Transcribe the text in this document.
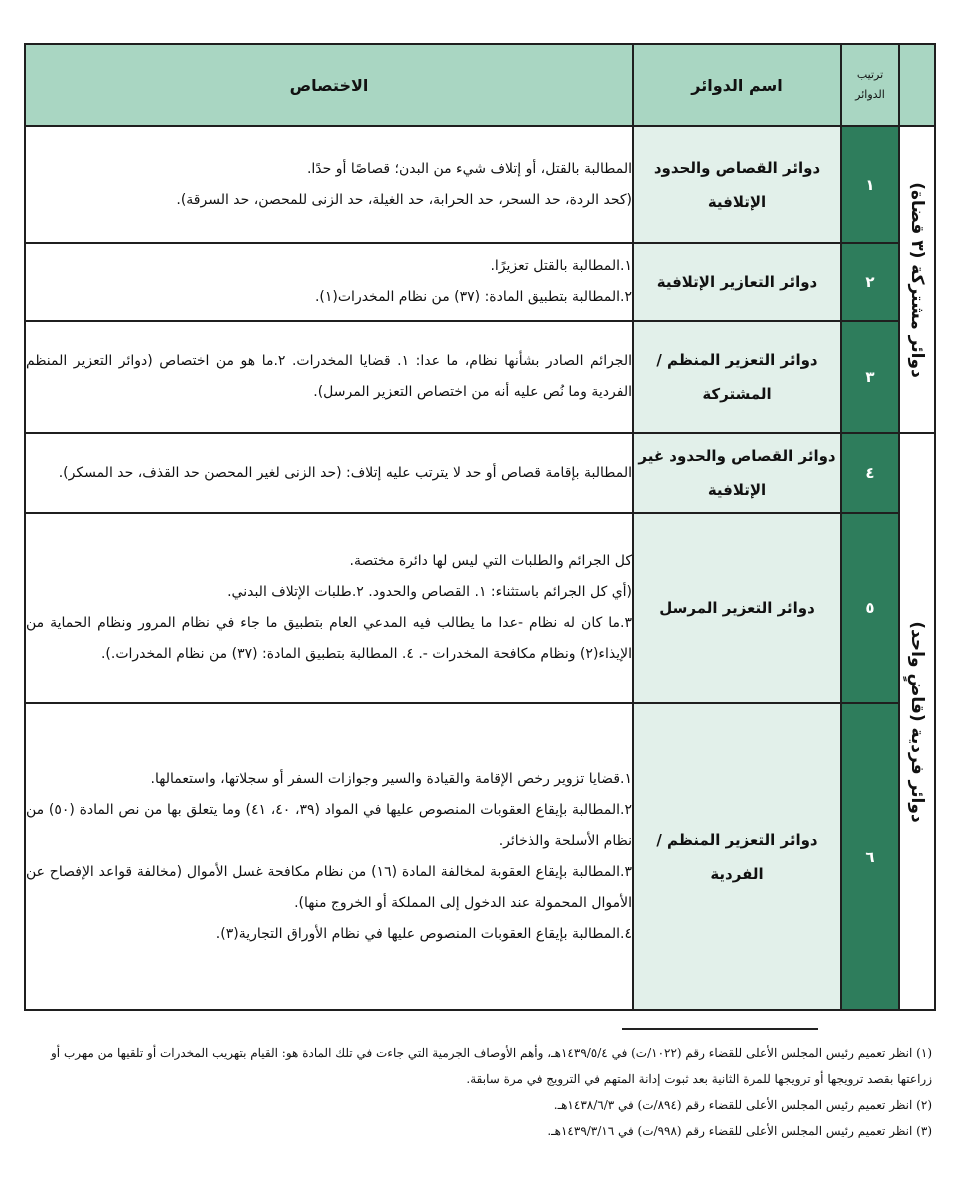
	ترتيب الدوائر	اسم الدوائر	الاختصاص

دوائر مشتركة (٣ قضاة)	١	دوائر القصاص والحدود الإتلافية	المطالبة بالقتل، أو إتلاف شيء من البدن؛ قصاصًا أو حدًا.

(كحد الردة، حد السحر، حد الحرابة، حد الغيلة، حد الزنى للمحصن، حد السرقة).

	٢	دوائر التعازير الإتلافية	١.المطالبة بالقتل تعزيرًا.

٢.المطالبة بتطبيق المادة: (٣٧) من نظام المخدرات(١).

	٣	دوائر التعزير المنظم / المشتركة	الجرائم الصادر بشأنها نظام، ما عدا: ١. قضايا المخدرات. ٢.ما هو من اختصاص (دوائر التعزير المنظم الفردية وما نُص عليه أنه من اختصاص التعزير المرسل).

دوائر فردية (قاضٍ واحد)	٤	دوائر القصاص والحدود غير الإتلافية	المطالبة بإقامة قصاص أو حد لا يترتب عليه إتلاف: (حد الزنى لغير المحصن حد القذف، حد المسكر).

	٥	دوائر التعزير المرسل	كل الجرائم والطلبات التي ليس لها دائرة مختصة.

(أي كل الجرائم باستثناء: ١. القصاص والحدود. ٢.طلبات الإتلاف البدني.

٣.ما كان له نظام -عدا ما يطالب فيه المدعي العام بتطبيق ما جاء في نظام المرور ونظام الحماية من الإيذاء(٢) ونظام مكافحة المخدرات -. ٤. المطالبة بتطبيق المادة: (٣٧) من نظام المخدرات.).

	٦	دوائر التعزير المنظم / الفردية	١.قضايا تزوير رخص الإقامة والقيادة والسير وجوازات السفر أو سجلاتها، واستعمالها.

٢.المطالبة بإيقاع العقوبات المنصوص عليها في المواد (٣٩، ٤٠، ٤١) وما يتعلق بها من نص المادة (٥٠) من نظام الأسلحة والذخائر.

٣.المطالبة بإيقاع العقوبة لمخالفة المادة (١٦) من نظام مكافحة غسل الأموال (مخالفة قواعد الإفصاح عن الأموال المحمولة عند الدخول إلى المملكة أو الخروج منها).

٤.المطالبة بإيقاع العقوبات المنصوص عليها في نظام الأوراق التجارية(٣).

(١) انظر تعميم رئيس المجلس الأعلى للقضاء رقم (١٠٢٢/ت) في ١٤٣٩/٥/٤هـ، وأهم الأوصاف الجرمية التي جاءت في تلك المادة هو: القيام بتهريب المخدرات أو تلقيها من مهرب أو زراعتها بقصد ترويجها أو ترويجها للمرة الثانية بعد ثبوت إدانة المتهم في الترويج في مرة سابقة.

(٢) انظر تعميم رئيس المجلس الأعلى للقضاء رقم (٨٩٤/ت) في ١٤٣٨/٦/٣هـ.

(٣) انظر تعميم رئيس المجلس الأعلى للقضاء رقم (٩٩٨/ت) في ١٤٣٩/٣/١٦هـ.
